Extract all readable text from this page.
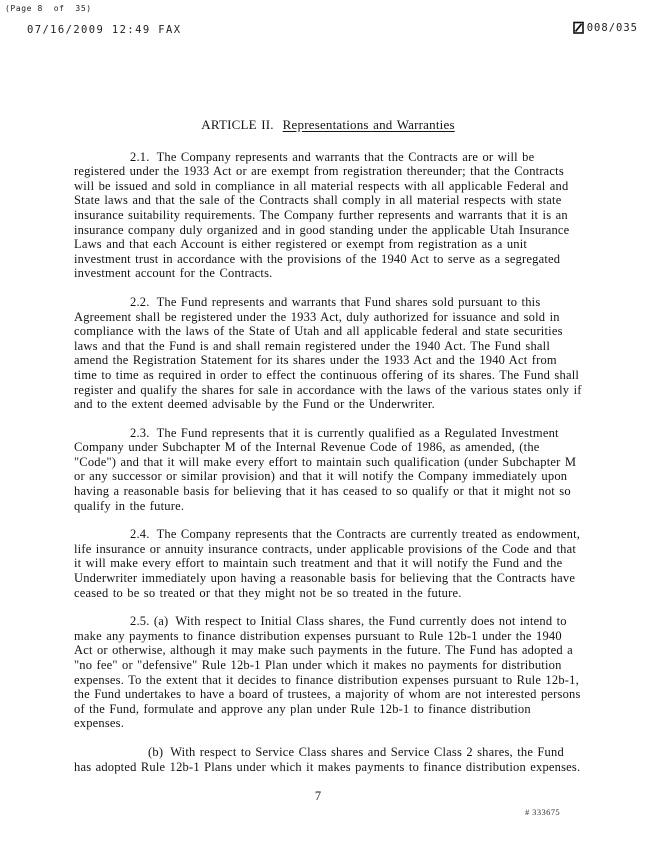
(Page 8  of  35)
07/16/2009 12:49 FAX	008/035
ARTICLE II. Representations and Warranties

2.1. The Company represents and warrants that the Contracts are or will be registered under the 1933 Act or are exempt from registration thereunder; that the Contracts will be issued and sold in compliance in all material respects with all applicable Federal and State laws and that the sale of the Contracts shall comply in all material respects with state insurance suitability requirements. The Company further represents and warrants that it is an insurance company duly organized and in good standing under the applicable Utah Insurance Laws and that each Account is either registered or exempt from registration as a unit investment trust in accordance with the provisions of the 1940 Act to serve as a segregated investment account for the Contracts.

2.2. The Fund represents and warrants that Fund shares sold pursuant to this Agreement shall be registered under the 1933 Act, duly authorized for issuance and sold in compliance with the laws of the State of Utah and all applicable federal and state securities laws and that the Fund is and shall remain registered under the 1940 Act. The Fund shall amend the Registration Statement for its shares under the 1933 Act and the 1940 Act from time to time as required in order to effect the continuous offering of its shares. The Fund shall register and qualify the shares for sale in accordance with the laws of the various states only if and to the extent deemed advisable by the Fund or the Underwriter.

2.3. The Fund represents that it is currently qualified as a Regulated Investment Company under Subchapter M of the Internal Revenue Code of 1986, as amended, (the "Code") and that it will make every effort to maintain such qualification (under Subchapter M or any successor or similar provision) and that it will notify the Company immediately upon having a reasonable basis for believing that it has ceased to so qualify or that it might not so qualify in the future.

2.4. The Company represents that the Contracts are currently treated as endowment, life insurance or annuity insurance contracts, under applicable provisions of the Code and that it will make every effort to maintain such treatment and that it will notify the Fund and the Underwriter immediately upon having a reasonable basis for believing that the Contracts have ceased to be so treated or that they might not be so treated in the future.

2.5. (a) With respect to Initial Class shares, the Fund currently does not intend to make any payments to finance distribution expenses pursuant to Rule 12b-1 under the 1940 Act or otherwise, although it may make such payments in the future. The Fund has adopted a "no fee" or "defensive" Rule 12b-1 Plan under which it makes no payments for distribution expenses. To the extent that it decides to finance distribution expenses pursuant to Rule 12b-1, the Fund undertakes to have a board of trustees, a majority of whom are not interested persons of the Fund, formulate and approve any plan under Rule 12b-1 to finance distribution expenses.

(b) With respect to Service Class shares and Service Class 2 shares, the Fund has adopted Rule 12b-1 Plans under which it makes payments to finance distribution expenses.

7
# 333675
